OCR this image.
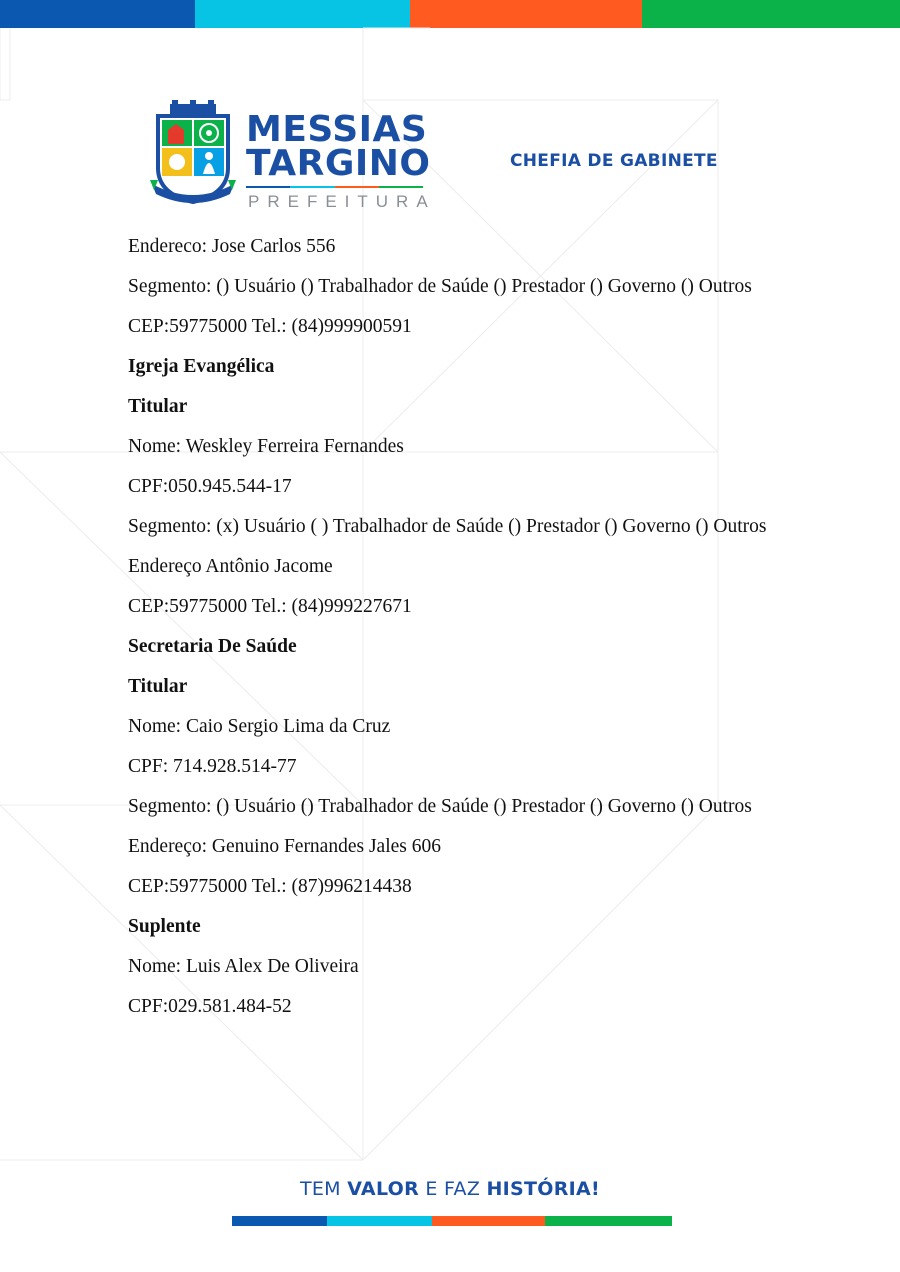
MESSIAS
TARGINO
PREFEITURA
CHEFIA DE GABINETE
Endereco: Jose Carlos 556
Segmento: () Usuário () Trabalhador de Saúde () Prestador () Governo () Outros
CEP:59775000 Tel.: (84)999900591
Igreja Evangélica
Titular
Nome: Weskley Ferreira Fernandes
CPF:050.945.544-17
Segmento: (x) Usuário ( ) Trabalhador de Saúde () Prestador () Governo () Outros
Endereço Antônio Jacome
CEP:59775000 Tel.: (84)999227671
Secretaria De Saúde
Titular
Nome: Caio Sergio Lima da Cruz
CPF: 714.928.514-77
Segmento: () Usuário () Trabalhador de Saúde () Prestador () Governo () Outros
Endereço: Genuino Fernandes Jales 606
CEP:59775000 Tel.: (87)996214438
Suplente
Nome: Luis Alex De Oliveira
CPF:029.581.484-52
TEM VALOR E FAZ HISTÓRIA!
